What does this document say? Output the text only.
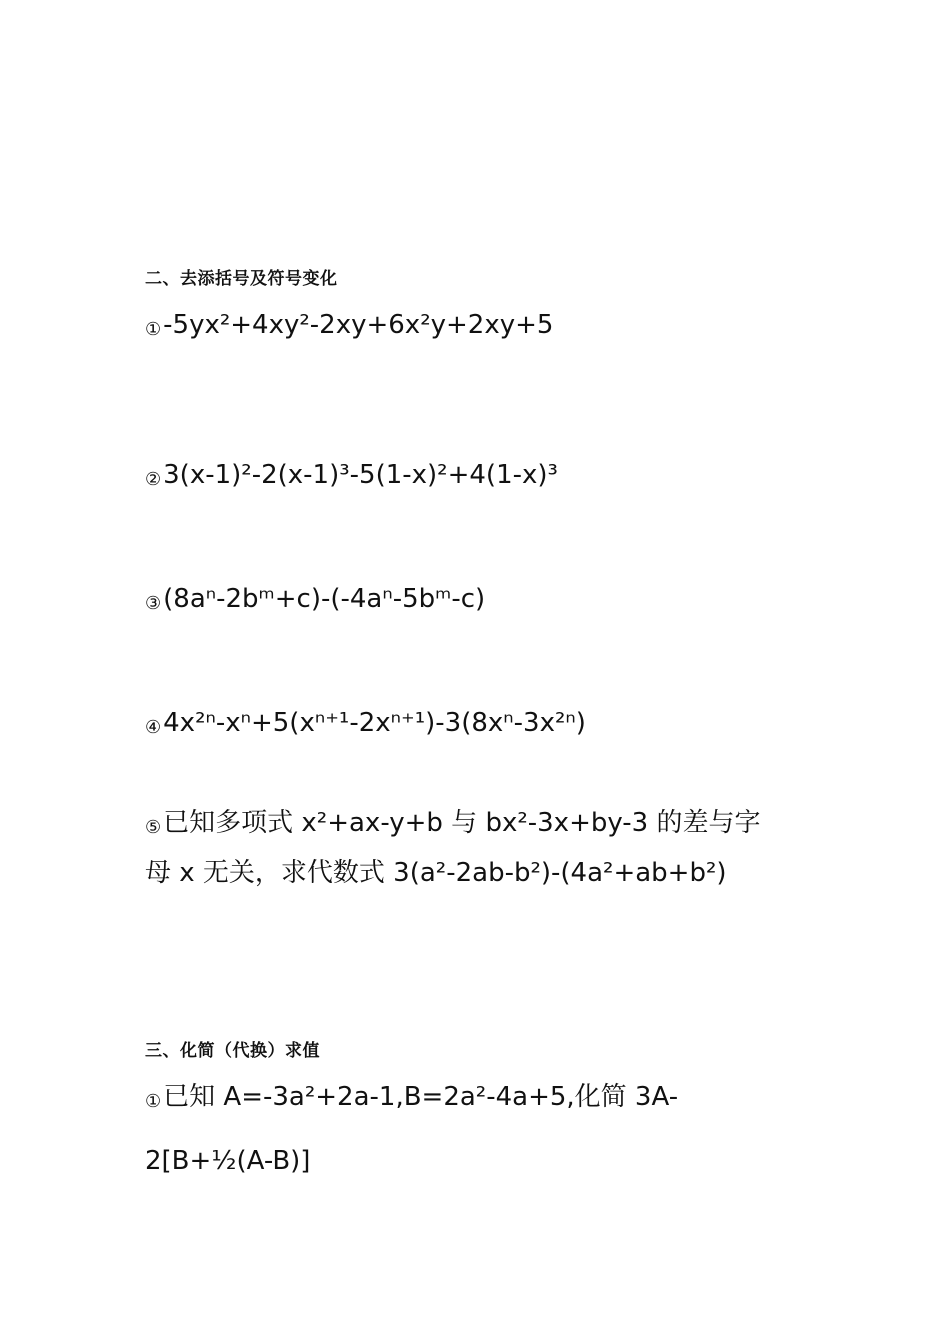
二、去添括号及符号变化
①-5yx²+4xy²-2xy+6x²y+2xy+5
②3(x-1)²-2(x-1)³-5(1-x)²+4(1-x)³
③(8aⁿ-2bᵐ+c)-(-4aⁿ-5bᵐ-c)
④4x²ⁿ-xⁿ+5(xⁿ⁺¹-2xⁿ⁺¹)-3(8xⁿ-3x²ⁿ)
⑤已知多项式 x²+ax-y+b 与 bx²-3x+by-3 的差与字
母 x 无关，求代数式 3(a²-2ab-b²)-(4a²+ab+b²)
三、化简（代换）求值
①已知 A=-3a²+2a-1,B=2a²-4a+5,化简 3A-
2[B+½(A-B)]
